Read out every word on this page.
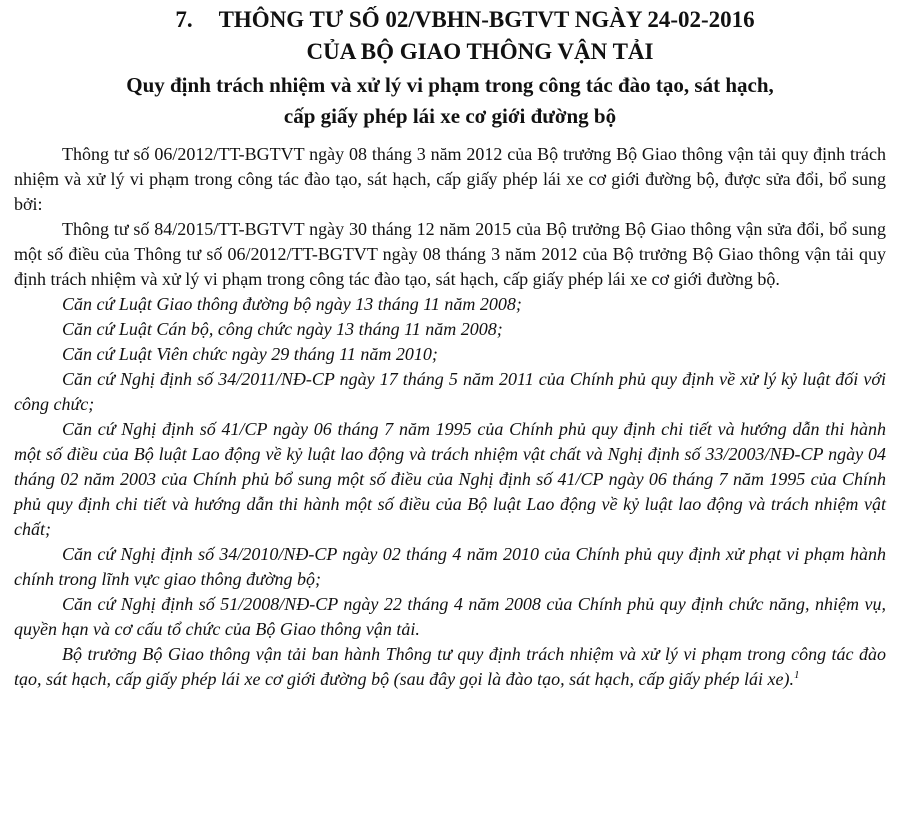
7. THÔNG TƯ SỐ 02/VBHN-BGTVT NGÀY 24-02-2016
CỦA BỘ GIAO THÔNG VẬN TẢI
Quy định trách nhiệm và xử lý vi phạm trong công tác đào tạo, sát hạch,
cấp giấy phép lái xe cơ giới đường bộ

Thông tư số 06/2012/TT-BGTVT ngày 08 tháng 3 năm 2012 của Bộ trưởng Bộ Giao thông vận tải quy định trách nhiệm và xử lý vi phạm trong công tác đào tạo, sát hạch, cấp giấy phép lái xe cơ giới đường bộ, được sửa đổi, bổ sung bởi:

Thông tư số 84/2015/TT-BGTVT ngày 30 tháng 12 năm 2015 của Bộ trưởng Bộ Giao thông vận sửa đổi, bổ sung một số điều của Thông tư số 06/2012/TT-BGTVT ngày 08 tháng 3 năm 2012 của Bộ trưởng Bộ Giao thông vận tải quy định trách nhiệm và xử lý vi phạm trong công tác đào tạo, sát hạch, cấp giấy phép lái xe cơ giới đường bộ.

Căn cứ Luật Giao thông đường bộ ngày 13 tháng 11 năm 2008;

Căn cứ Luật Cán bộ, công chức ngày 13 tháng 11 năm 2008;

Căn cứ Luật Viên chức ngày 29 tháng 11 năm 2010;

Căn cứ Nghị định số 34/2011/NĐ-CP ngày 17 tháng 5 năm 2011 của Chính phủ quy định về xử lý kỷ luật đối với công chức;

Căn cứ Nghị định số 41/CP ngày 06 tháng 7 năm 1995 của Chính phủ quy định chi tiết và hướng dẫn thi hành một số điều của Bộ luật Lao động về kỷ luật lao động và trách nhiệm vật chất và Nghị định số 33/2003/NĐ-CP ngày 04 tháng 02 năm 2003 của Chính phủ bổ sung một số điều của Nghị định số 41/CP ngày 06 tháng 7 năm 1995 của Chính phủ quy định chi tiết và hướng dẫn thi hành một số điều của Bộ luật Lao động về kỷ luật lao động và trách nhiệm vật chất;

Căn cứ Nghị định số 34/2010/NĐ-CP ngày 02 tháng 4 năm 2010 của Chính phủ quy định xử phạt vi phạm hành chính trong lĩnh vực giao thông đường bộ;

Căn cứ Nghị định số 51/2008/NĐ-CP ngày 22 tháng 4 năm 2008 của Chính phủ quy định chức năng, nhiệm vụ, quyền hạn và cơ cấu tổ chức của Bộ Giao thông vận tải.

Bộ trưởng Bộ Giao thông vận tải ban hành Thông tư quy định trách nhiệm và xử lý vi phạm trong công tác đào tạo, sát hạch, cấp giấy phép lái xe cơ giới đường bộ (sau đây gọi là đào tạo, sát hạch, cấp giấy phép lái xe).$^1$
